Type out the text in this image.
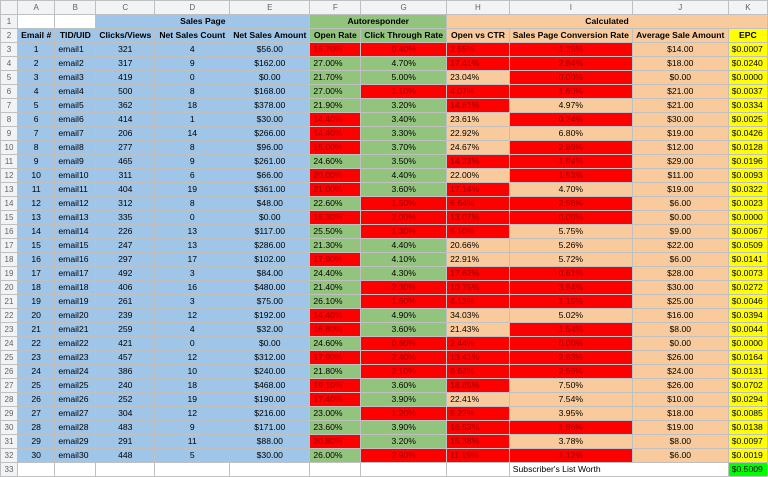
	A	B	C	D	E	F	G	H	I	J	K
1			Sales Page			Autoresponder		Calculated			
2	Email #	TID/UID	Clicks/Views	Net Sales Count	Net Sales Amount	Open Rate	Click Through Rate	Open vs CTR	Sales Page Conversion Rate	Average Sale Amount	EPC
3	1	email1	321	4	$56.00	15.70%	0.40%	2.55%	1.25%	$14.00	$0.0007
4	2	email2	317	9	$162.00	27.00%	4.70%	17.41%	2.84%	$18.00	$0.0240
5	3	email3	419	0	$0.00	21.70%	5.00%	23.04%	0.00%	$0.00	$0.0000
6	4	email4	500	8	$168.00	27.00%	1.10%	4.07%	1.60%	$21.00	$0.0037
7	5	email5	362	18	$378.00	21.90%	3.20%	14.61%	4.97%	$21.00	$0.0334
8	6	email6	414	1	$30.00	14.40%	3.40%	23.61%	0.24%	$30.00	$0.0025
9	7	email7	206	14	$266.00	14.40%	3.30%	22.92%	6.80%	$19.00	$0.0426
10	8	email8	277	8	$96.00	15.00%	3.70%	24.67%	2.89%	$12.00	$0.0128
11	9	email9	465	9	$261.00	24.60%	3.50%	14.23%	1.94%	$29.00	$0.0196
12	10	email10	311	6	$66.00	20.00%	4.40%	22.00%	1.93%	$11.00	$0.0093
13	11	email11	404	19	$361.00	21.00%	3.60%	17.14%	4.70%	$19.00	$0.0322
14	12	email12	312	8	$48.00	22.60%	1.50%	6.64%	2.56%	$6.00	$0.0023
15	13	email13	335	0	$0.00	15.30%	2.00%	13.07%	0.00%	$0.00	$0.0000
16	14	email14	226	13	$117.00	25.50%	1.30%	5.10%	5.75%	$9.00	$0.0067
17	15	email15	247	13	$286.00	21.30%	4.40%	20.66%	5.26%	$22.00	$0.0509
18	16	email16	297	17	$102.00	17.90%	4.10%	22.91%	5.72%	$6.00	$0.0141
19	17	email17	492	3	$84.00	24.40%	4.30%	17.62%	0.61%	$28.00	$0.0073
20	18	email18	406	16	$480.00	21.40%	2.30%	10.75%	3.94%	$30.00	$0.0272
21	19	email19	261	3	$75.00	26.10%	1.60%	6.13%	1.15%	$25.00	$0.0046
22	20	email20	239	12	$192.00	14.40%	4.90%	34.03%	5.02%	$16.00	$0.0394
23	21	email21	259	4	$32.00	16.80%	3.60%	21.43%	1.54%	$8.00	$0.0044
24	22	email22	421	0	$0.00	24.60%	0.60%	2.44%	0.00%	$0.00	$0.0000
25	23	email23	457	12	$312.00	17.90%	2.40%	13.41%	2.63%	$26.00	$0.0164
26	24	email24	386	10	$240.00	21.80%	2.10%	9.63%	2.59%	$24.00	$0.0131
27	25	email25	240	18	$468.00	19.10%	3.60%	18.85%	7.50%	$26.00	$0.0702
28	26	email26	252	19	$190.00	17.40%	3.90%	22.41%	7.54%	$10.00	$0.0294
29	27	email27	304	12	$216.00	23.00%	1.20%	5.22%	3.95%	$18.00	$0.0085
30	28	email28	483	9	$171.00	23.60%	3.90%	16.53%	1.86%	$19.00	$0.0138
31	29	email29	291	11	$88.00	20.80%	3.20%	15.38%	3.78%	$8.00	$0.0097
32	30	email30	448	5	$30.00	26.00%	2.90%	11.15%	1.12%	$6.00	$0.0019
33									Subscriber's List Worth		$0.5009
